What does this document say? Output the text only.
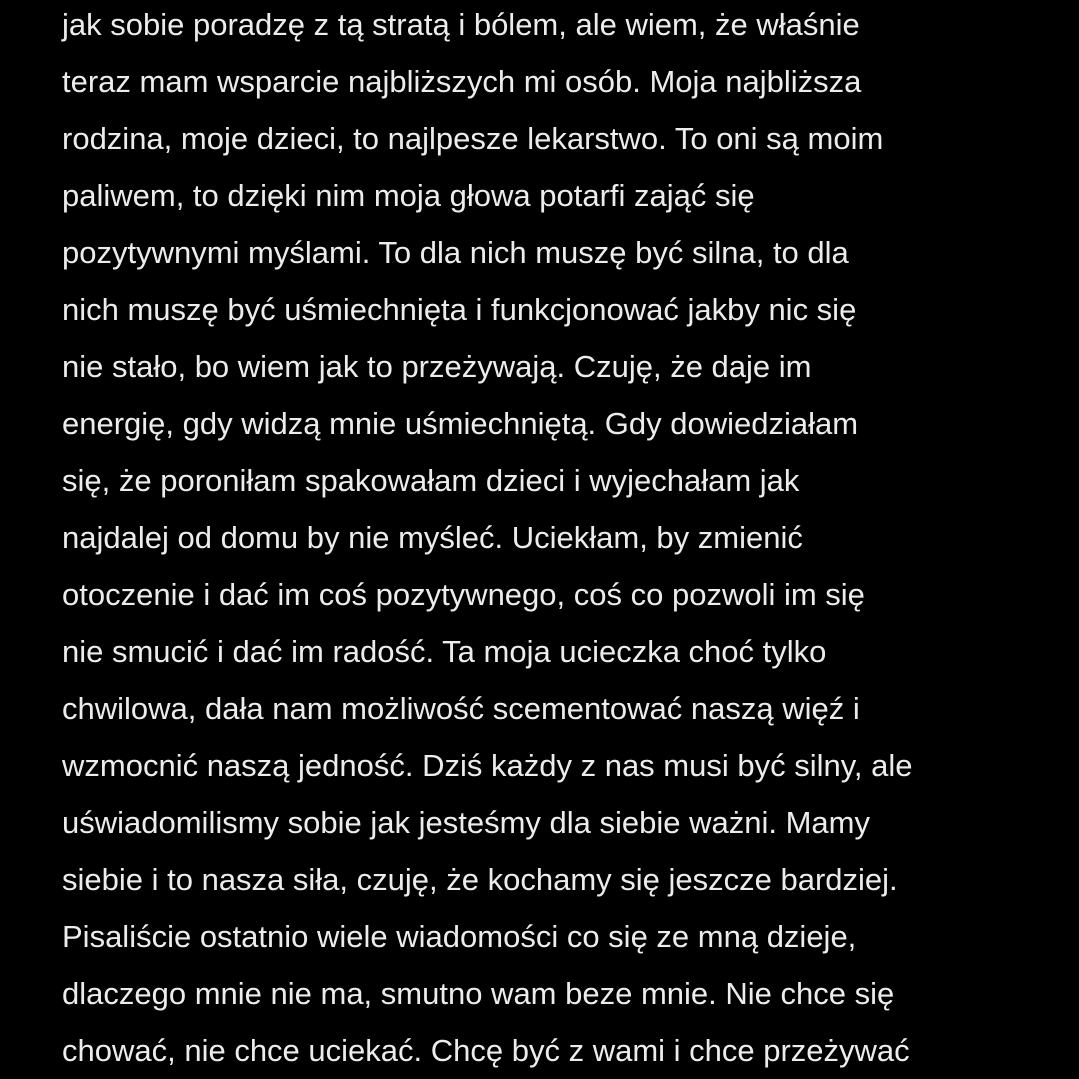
jak sobie poradzę z tą stratą i bólem, ale wiem, że właśnie
teraz mam wsparcie najbliższych mi osób. Moja najbliższa
rodzina, moje dzieci, to najlpesze lekarstwo. To oni są moim
paliwem, to dzięki nim moja głowa potarfi zająć się
pozytywnymi myślami. To dla nich muszę być silna, to dla
nich muszę być uśmiechnięta i funkcjonować jakby nic się
nie stało, bo wiem jak to przeżywają. Czuję, że daje im
energię, gdy widzą mnie uśmiechniętą. Gdy dowiedziałam
się, że poroniłam spakowałam dzieci i wyjechałam jak
najdalej od domu by nie myśleć. Uciekłam, by zmienić
otoczenie i dać im coś pozytywnego, coś co pozwoli im się
nie smucić i dać im radość. Ta moja ucieczka choć tylko
chwilowa, dała nam możliwość scementować naszą więź i
wzmocnić naszą jedność. Dziś każdy z nas musi być silny, ale
uświadomilismy sobie jak jesteśmy dla siebie ważni. Mamy
siebie i to nasza siła, czuję, że kochamy się jeszcze bardziej.
Pisaliście ostatnio wiele wiadomości co się ze mną dzieje,
dlaczego mnie nie ma, smutno wam beze mnie. Nie chce się
chować, nie chce uciekać. Chcę być z wami i chce przeżywać
